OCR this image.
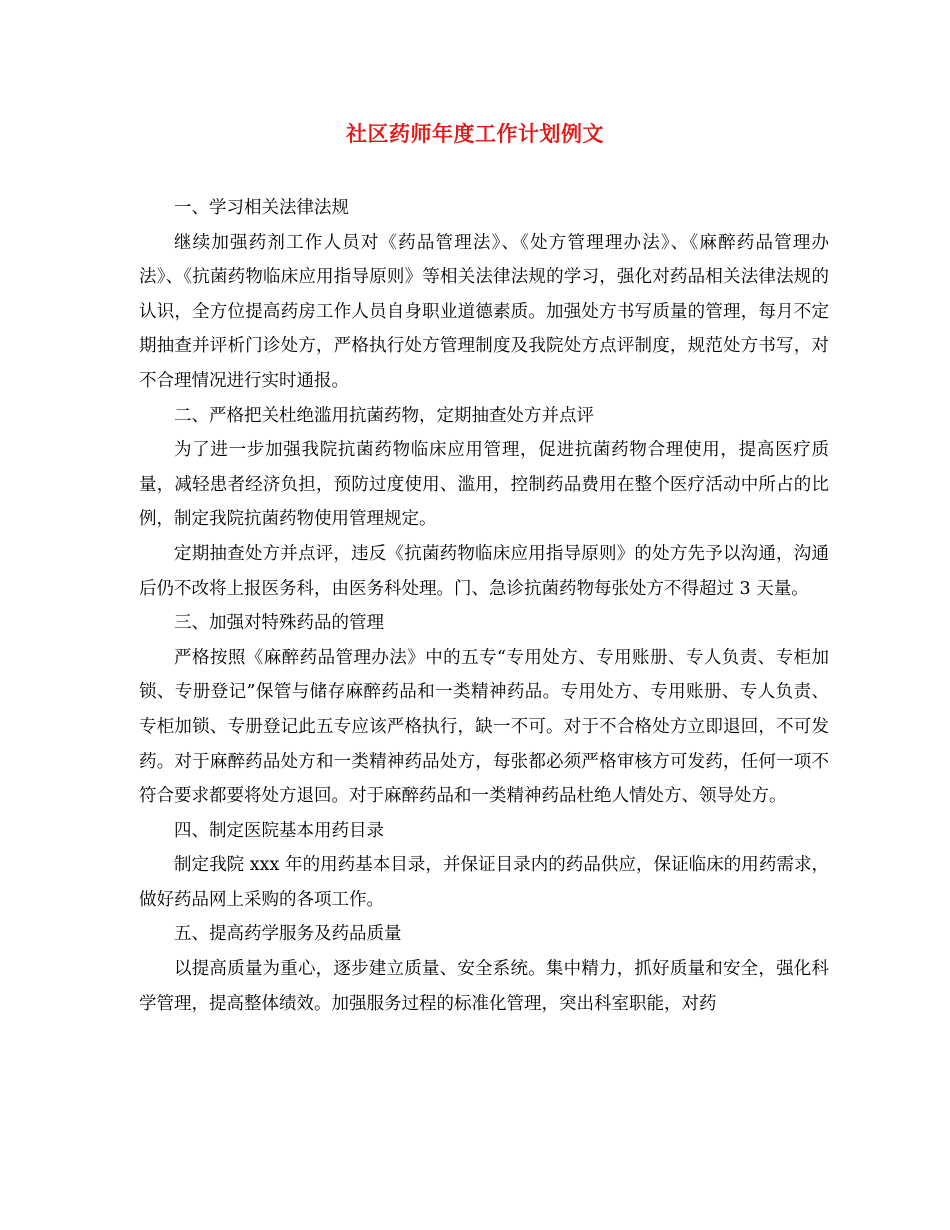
社区药师年度工作计划例文

一、学习相关法律法规

继续加强药剂工作人员对《药品管理法》、《处方管理理办法》、《麻醉药品管理办法》、《抗菌药物临床应用指导原则》等相关法律法规的学习，强化对药品相关法律法规的认识，全方位提高药房工作人员自身职业道德素质。加强处方书写质量的管理，每月不定期抽查并评析门诊处方，严格执行处方管理制度及我院处方点评制度，规范处方书写，对不合理情况进行实时通报。

二、严格把关杜绝滥用抗菌药物，定期抽查处方并点评

为了进一步加强我院抗菌药物临床应用管理，促进抗菌药物合理使用，提高医疗质量，减轻患者经济负担，预防过度使用、滥用，控制药品费用在整个医疗活动中所占的比例，制定我院抗菌药物使用管理规定。

定期抽查处方并点评，违反《抗菌药物临床应用指导原则》的处方先予以沟通，沟通后仍不改将上报医务科，由医务科处理。门、急诊抗菌药物每张处方不得超过 3 天量。

三、加强对特殊药品的管理

严格按照《麻醉药品管理办法》中的五专“专用处方、专用账册、专人负责、专柜加锁、专册登记”保管与储存麻醉药品和一类精神药品。专用处方、专用账册、专人负责、专柜加锁、专册登记此五专应该严格执行，缺一不可。对于不合格处方立即退回，不可发药。对于麻醉药品处方和一类精神药品处方，每张都必须严格审核方可发药，任何一项不符合要求都要将处方退回。对于麻醉药品和一类精神药品杜绝人情处方、领导处方。

四、制定医院基本用药目录

制定我院 xxx 年的用药基本目录，并保证目录内的药品供应，保证临床的用药需求，做好药品网上采购的各项工作。

五、提高药学服务及药品质量

以提高质量为重心，逐步建立质量、安全系统。集中精力，抓好质量和安全，强化科学管理，提高整体绩效。加强服务过程的标准化管理，突出科室职能，对药
